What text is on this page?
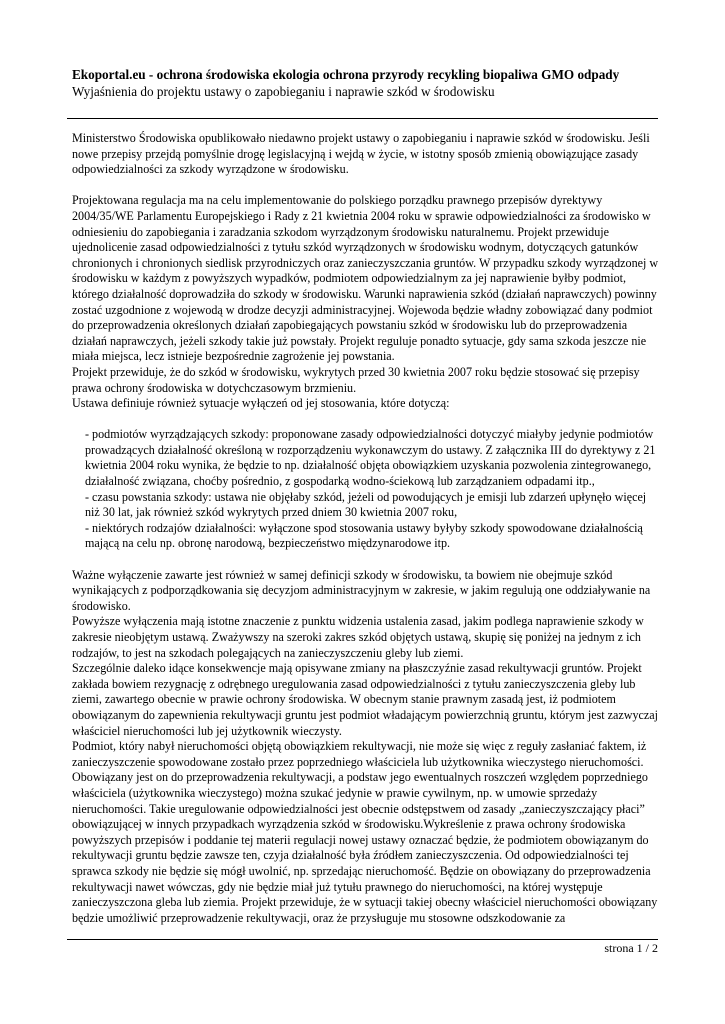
Ekoportal.eu - ochrona środowiska ekologia ochrona przyrody recykling biopaliwa GMO odpady
Wyjaśnienia do projektu ustawy o zapobieganiu i naprawie szkód w środowisku

Ministerstwo Środowiska opublikowało niedawno projekt ustawy o zapobieganiu i naprawie szkód w środowisku. Jeśli nowe przepisy przejdą pomyślnie drogę legislacyjną i wejdą w życie, w istotny sposób zmienią obowiązujące zasady odpowiedzialności za szkody wyrządzone w środowisku.

Projektowana regulacja ma na celu implementowanie do polskiego porządku prawnego przepisów dyrektywy 2004/35/WE Parlamentu Europejskiego i Rady z 21 kwietnia 2004 roku w sprawie odpowiedzialności za środowisko w odniesieniu do zapobiegania i zaradzania szkodom wyrządzonym środowisku naturalnemu. Projekt przewiduje ujednolicenie zasad odpowiedzialności z tytułu szkód wyrządzonych w środowisku wodnym, dotyczących gatunków chronionych i chronionych siedlisk przyrodniczych oraz zanieczyszczania gruntów. W przypadku szkody wyrządzonej w środowisku w każdym z powyższych wypadków, podmiotem odpowiedzialnym za jej naprawienie byłby podmiot, którego działalność doprowadziła do szkody w środowisku. Warunki naprawienia szkód (działań naprawczych) powinny zostać uzgodnione z wojewodą w drodze decyzji administracyjnej. Wojewoda będzie władny zobowiązać dany podmiot do przeprowadzenia określonych działań zapobiegających powstaniu szkód w środowisku lub do przeprowadzenia działań naprawczych, jeżeli szkody takie już powstały. Projekt reguluje ponadto sytuacje, gdy sama szkoda jeszcze nie miała miejsca, lecz istnieje bezpośrednie zagrożenie jej powstania.

Projekt przewiduje, że do szkód w środowisku, wykrytych przed 30 kwietnia 2007 roku będzie stosować się przepisy prawa ochrony środowiska w dotychczasowym brzmieniu.

Ustawa definiuje również sytuacje wyłączeń od jej stosowania, które dotyczą:

- podmiotów wyrządzających szkody: proponowane zasady odpowiedzialności dotyczyć miałyby jedynie podmiotów prowadzących działalność określoną w rozporządzeniu wykonawczym do ustawy. Z załącznika III do dyrektywy z 21 kwietnia 2004 roku wynika, że będzie to np. działalność objęta obowiązkiem uzyskania pozwolenia zintegrowanego, działalność związana, choćby pośrednio, z gospodarką wodno-ściekową lub zarządzaniem odpadami itp.,

- czasu powstania szkody: ustawa nie objęłaby szkód, jeżeli od powodujących je emisji lub zdarzeń upłynęło więcej niż 30 lat, jak również szkód wykrytych przed dniem 30 kwietnia 2007 roku,

- niektórych rodzajów działalności: wyłączone spod stosowania ustawy byłyby szkody spowodowane działalnością mającą na celu np. obronę narodową, bezpieczeństwo międzynarodowe itp.

Ważne wyłączenie zawarte jest również w samej definicji szkody w środowisku, ta bowiem nie obejmuje szkód wynikających z podporządkowania się decyzjom administracyjnym w zakresie, w jakim regulują one oddziaływanie na środowisko.

Powyższe wyłączenia mają istotne znaczenie z punktu widzenia ustalenia zasad, jakim podlega naprawienie szkody w zakresie nieobjętym ustawą. Zważywszy na szeroki zakres szkód objętych ustawą, skupię się poniżej na jednym z ich rodzajów, to jest na szkodach polegających na zanieczyszczeniu gleby lub ziemi.

Szczególnie daleko idące konsekwencje mają opisywane zmiany na płaszczyźnie zasad rekultywacji gruntów. Projekt zakłada bowiem rezygnację z odrębnego uregulowania zasad odpowiedzialności z tytułu zanieczyszczenia gleby lub ziemi, zawartego obecnie w prawie ochrony środowiska. W obecnym stanie prawnym zasadą jest, iż podmiotem obowiązanym do zapewnienia rekultywacji gruntu jest podmiot władającym powierzchnią gruntu, którym jest zazwyczaj właściciel nieruchomości lub jej użytkownik wieczysty.

Podmiot, który nabył nieruchomości objętą obowiązkiem rekultywacji, nie może się więc z reguły zasłaniać faktem, iż zanieczyszczenie spowodowane zostało przez poprzedniego właściciela lub użytkownika wieczystego nieruchomości. Obowiązany jest on do przeprowadzenia rekultywacji, a podstaw jego ewentualnych roszczeń względem poprzedniego właściciela (użytkownika wieczystego) można szukać jedynie w prawie cywilnym, np. w umowie sprzedaży nieruchomości. Takie uregulowanie odpowiedzialności jest obecnie odstępstwem od zasady „zanieczyszczający płaci” obowiązującej w innych przypadkach wyrządzenia szkód w środowisku.Wykreślenie z prawa ochrony środowiska powyższych przepisów i poddanie tej materii regulacji nowej ustawy oznaczać będzie, że podmiotem obowiązanym do rekultywacji gruntu będzie zawsze ten, czyja działalność była źródłem zanieczyszczenia. Od odpowiedzialności tej sprawca szkody nie będzie się mógł uwolnić, np. sprzedając nieruchomość. Będzie on obowiązany do przeprowadzenia rekultywacji nawet wówczas, gdy nie będzie miał już tytułu prawnego do nieruchomości, na której występuje zanieczyszczona gleba lub ziemia. Projekt przewiduje, że w sytuacji takiej obecny właściciel nieruchomości obowiązany będzie umożliwić przeprowadzenie rekultywacji, oraz że przysługuje mu stosowne odszkodowanie za

strona 1 / 2
